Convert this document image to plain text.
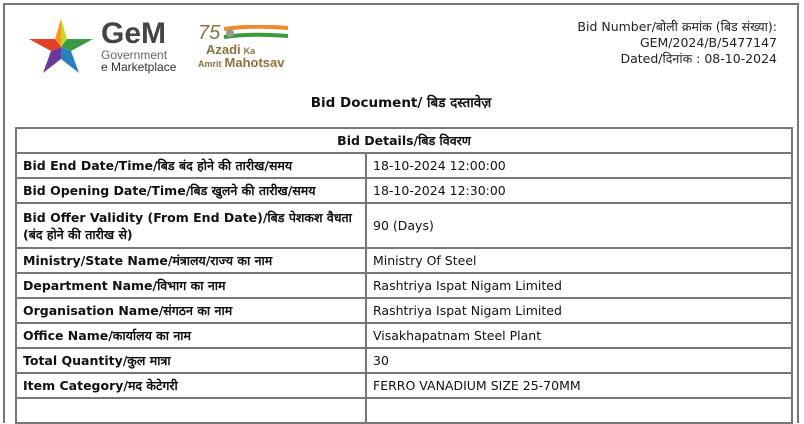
GeM
Government
e Marketplace
75
Azadi Ka
Amrit Mahotsav
Bid Number/बोली क्रमांक (बिड संख्या):
GEM/2024/B/5477147
Dated/दिनांक : 08-10-2024
Bid Document/ बिड दस्तावेज़
Bid Details/बिड विवरण	
Bid End Date/Time/बिड बंद होने की तारीख/समय	18-10-2024 12:00:00
Bid Opening Date/Time/बिड खुलने की तारीख/समय	18-10-2024 12:30:00
Bid Offer Validity (From End Date)/बिड पेशकश वैधता (बंद होने की तारीख से)	90 (Days)
Ministry/State Name/मंत्रालय/राज्य का नाम	Ministry Of Steel
Department Name/विभाग का नाम	Rashtriya Ispat Nigam Limited
Organisation Name/संगठन का नाम	Rashtriya Ispat Nigam Limited
Office Name/कार्यालय का नाम	Visakhapatnam Steel Plant
Total Quantity/कुल मात्रा	30
Item Category/मद केटेगरी	FERRO VANADIUM SIZE 25-70MM
